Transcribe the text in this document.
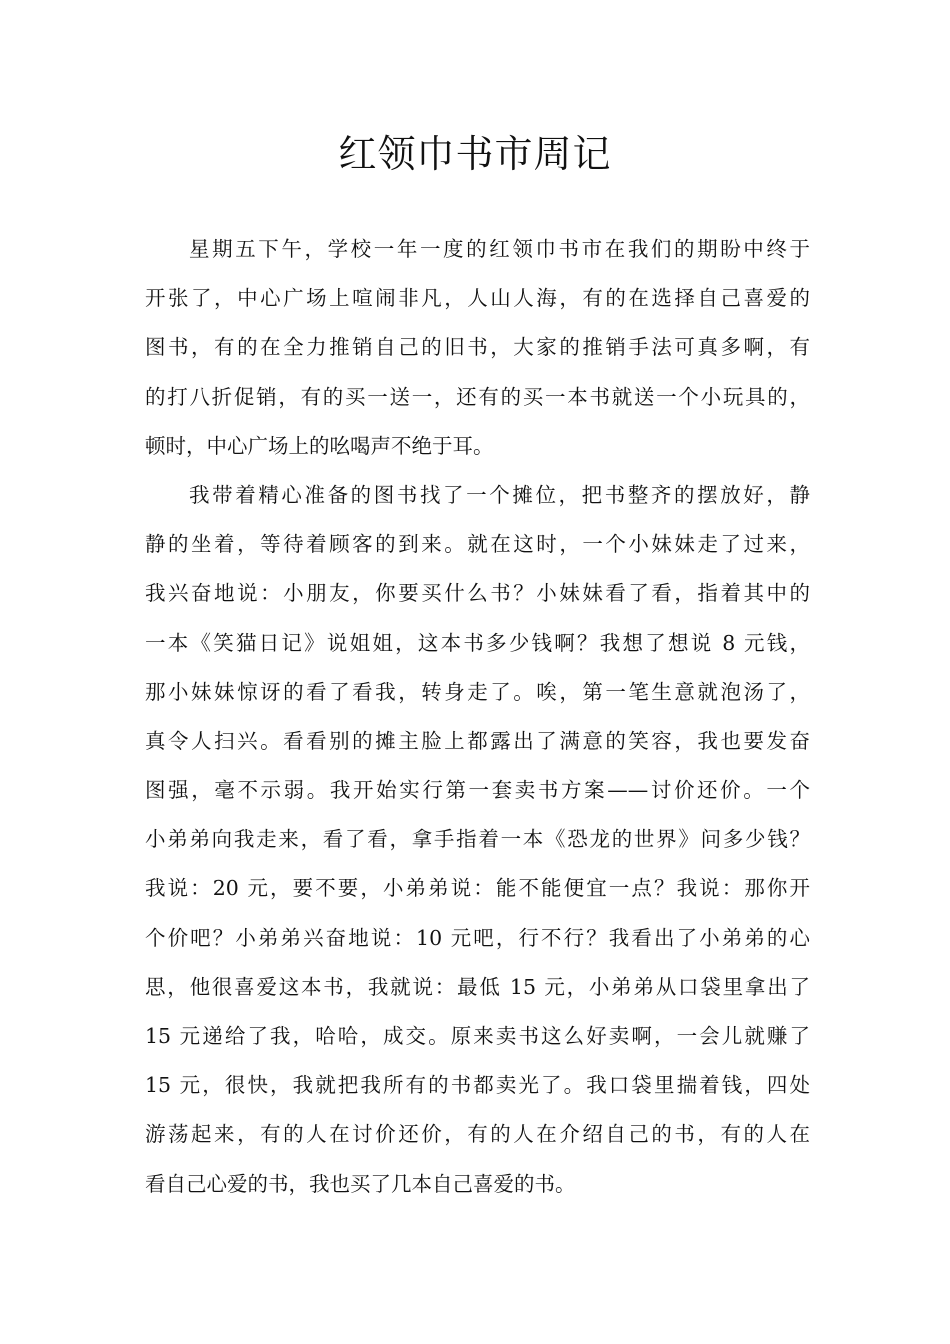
红领巾书市周记
星期五下午，学校一年一度的红领巾书市在我们的期盼中终于
开张了，中心广场上喧闹非凡，人山人海，有的在选择自己喜爱的
图书，有的在全力推销自己的旧书，大家的推销手法可真多啊，有
的打八折促销，有的买一送一，还有的买一本书就送一个小玩具的，
顿时，中心广场上的吆喝声不绝于耳。
我带着精心准备的图书找了一个摊位，把书整齐的摆放好，静
静的坐着，等待着顾客的到来。就在这时，一个小妹妹走了过来，
我兴奋地说：小朋友，你要买什么书？小妹妹看了看，指着其中的
一本《笑猫日记》说姐姐，这本书多少钱啊？我想了想说 8 元钱，
那小妹妹惊讶的看了看我，转身走了。唉，第一笔生意就泡汤了，
真令人扫兴。看看别的摊主脸上都露出了满意的笑容，我也要发奋
图强，毫不示弱。我开始实行第一套卖书方案——讨价还价。一个
小弟弟向我走来，看了看，拿手指着一本《恐龙的世界》问多少钱？
我说：20 元，要不要，小弟弟说：能不能便宜一点？我说：那你开
个价吧？小弟弟兴奋地说：10 元吧，行不行？我看出了小弟弟的心
思，他很喜爱这本书，我就说：最低 15 元，小弟弟从口袋里拿出了
15 元递给了我，哈哈，成交。原来卖书这么好卖啊，一会儿就赚了
15 元，很快，我就把我所有的书都卖光了。我口袋里揣着钱，四处
游荡起来，有的人在讨价还价，有的人在介绍自己的书，有的人在
看自己心爱的书，我也买了几本自己喜爱的书。
